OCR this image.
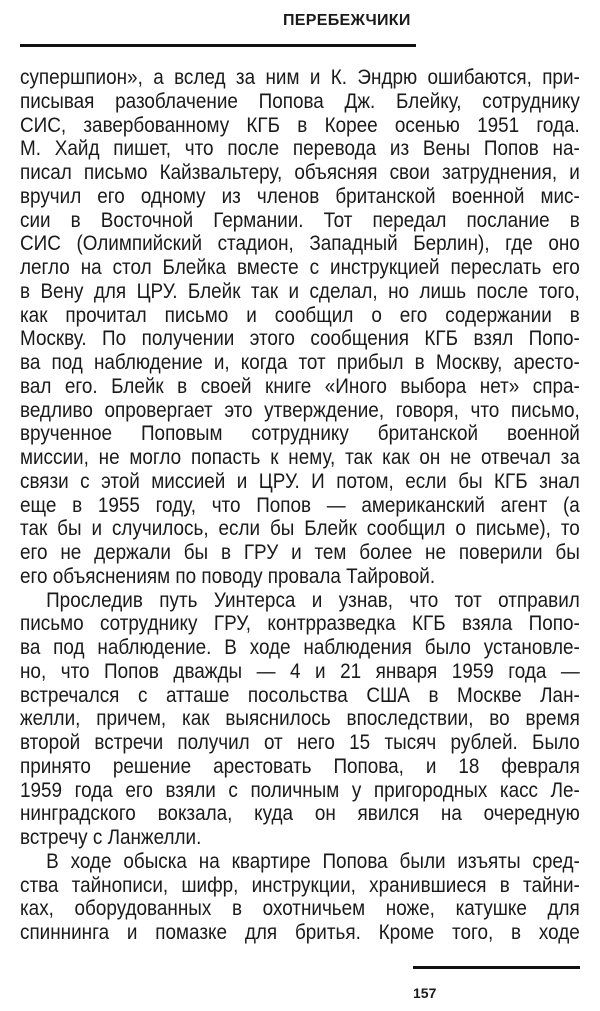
ПЕРЕБЕЖЧИКИ
супершпион», а вслед за ним и К. Эндрю ошибаются, при-
писывая разоблачение Попова Дж. Блейку, сотруднику
СИС, завербованному КГБ в Корее осенью 1951 года.
М. Хайд пишет, что после перевода из Вены Попов на-
писал письмо Кайзвальтеру, объясняя свои затруднения, и
вручил его одному из членов британской военной мис-
сии в Восточной Германии. Тот передал послание в
СИС (Олимпийский стадион, Западный Берлин), где оно
легло на стол Блейка вместе с инструкцией переслать его
в Вену для ЦРУ. Блейк так и сделал, но лишь после того,
как прочитал письмо и сообщил о его содержании в
Москву. По получении этого сообщения КГБ взял Попо-
ва под наблюдение и, когда тот прибыл в Москву, аресто-
вал его. Блейк в своей книге «Иного выбора нет» спра-
ведливо опровергает это утверждение, говоря, что письмо,
врученное Поповым сотруднику британской военной
миссии, не могло попасть к нему, так как он не отвечал за
связи с этой миссией и ЦРУ. И потом, если бы КГБ знал
еще в 1955 году, что Попов — американский агент (а
так бы и случилось, если бы Блейк сообщил о письме), то
его не держали бы в ГРУ и тем более не поверили бы
его объяснениям по поводу провала Тайровой.
Проследив путь Уинтерса и узнав, что тот отправил
письмо сотруднику ГРУ, контрразведка КГБ взяла Попо-
ва под наблюдение. В ходе наблюдения было установле-
но, что Попов дважды — 4 и 21 января 1959 года —
встречался с атташе посольства США в Москве Лан-
желли, причем, как выяснилось впоследствии, во время
второй встречи получил от него 15 тысяч рублей. Было
принято решение арестовать Попова, и 18 февраля
1959 года его взяли с поличным у пригородных касс Ле-
нинградского вокзала, куда он явился на очередную
встречу с Ланжелли.
В ходе обыска на квартире Попова были изъяты сред-
ства тайнописи, шифр, инструкции, хранившиеся в тайни-
ках, оборудованных в охотничьем ноже, катушке для
спиннинга и помазке для бритья. Кроме того, в ходе
157
